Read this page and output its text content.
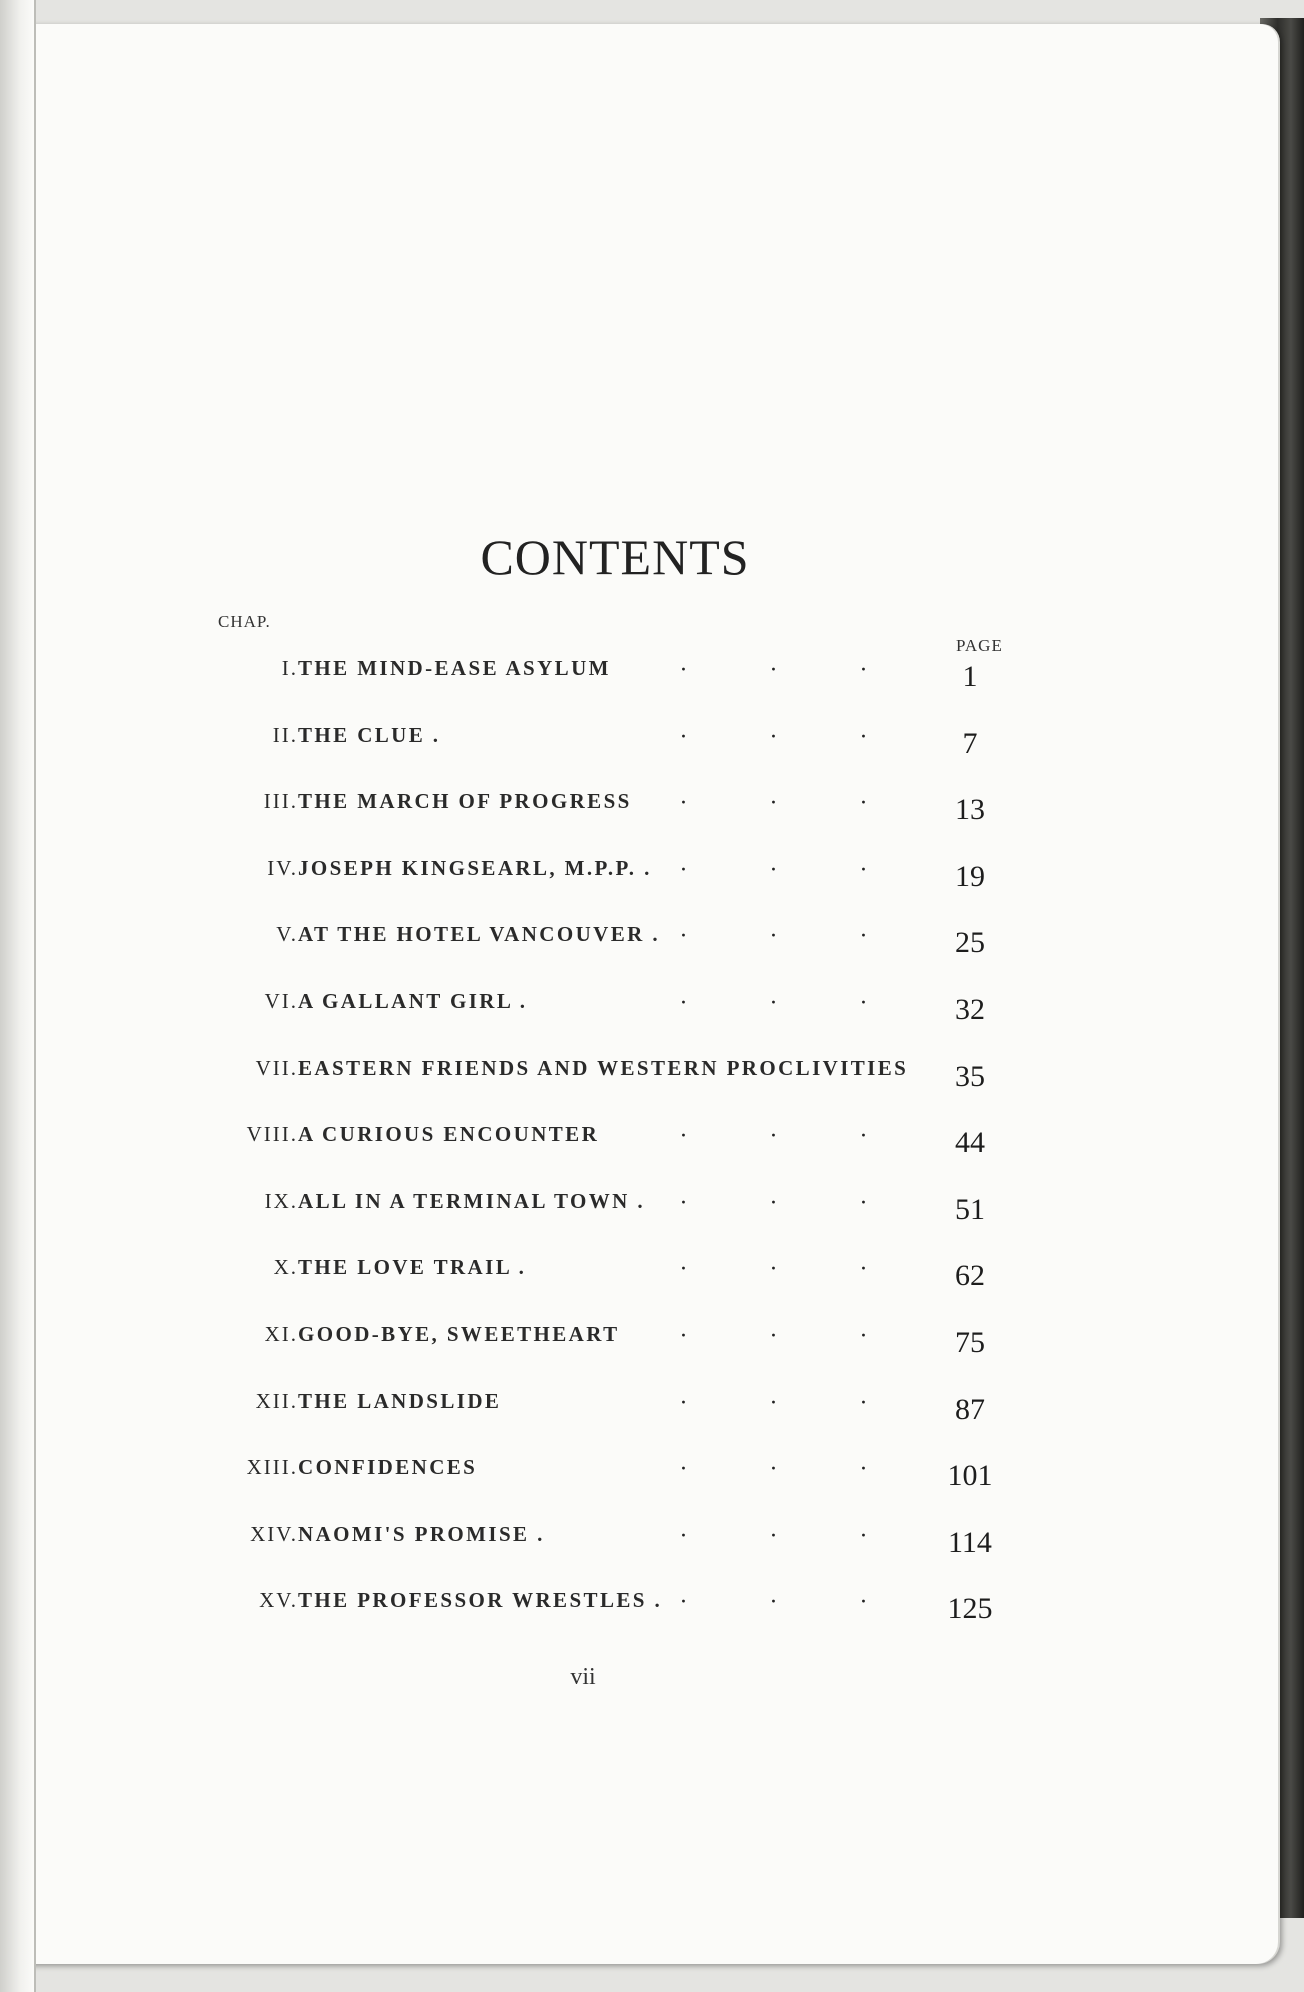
CONTENTS
CHAP.
PAGE
I. THE MIND-EASE ASYLUM	·	·	·	1
II. THE CLUE .	·	·	·	7
III. THE MARCH OF PROGRESS ·	·	·	13
IV. JOSEPH KINGSEARL, M.P.P. . ·	·	·	19
V. AT THE HOTEL VANCOUVER . ·	·	·	25
VI. A GALLANT GIRL .	·	·	·	32
VII. EASTERN FRIENDS AND WESTERN PROCLIVITIES	35
VIII. A CURIOUS ENCOUNTER	·	·	·	44
IX. ALL IN A TERMINAL TOWN . ·	·	·	51
X. THE LOVE TRAIL .	·	·	·	62
XI. GOOD-BYE, SWEETHEART	·	·	·	75
XII. THE LANDSLIDE	·	·	·	87
XIII. CONFIDENCES	·	·	·	101
XIV. NAOMI'S PROMISE .	·	·	·	114
XV. THE PROFESSOR WRESTLES . ·	·	·	125
vii
